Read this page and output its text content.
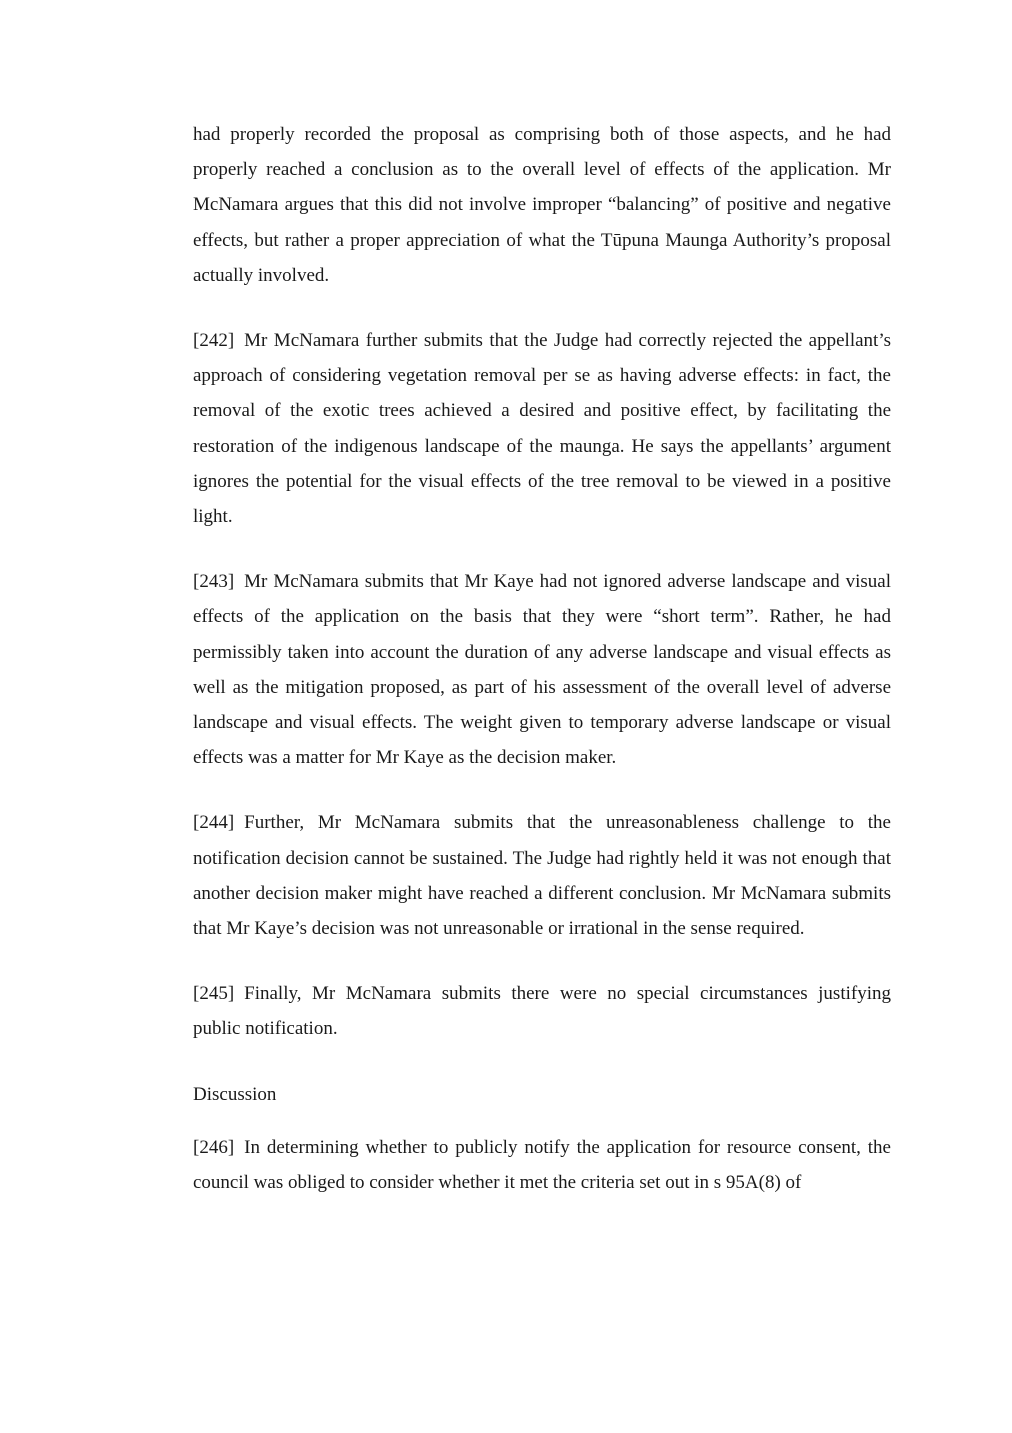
had properly recorded the proposal as comprising both of those aspects, and he had properly reached a conclusion as to the overall level of effects of the application. Mr McNamara argues that this did not involve improper “balancing” of positive and negative effects, but rather a proper appreciation of what the Tūpuna Maunga Authority’s proposal actually involved.

[242] Mr McNamara further submits that the Judge had correctly rejected the appellant’s approach of considering vegetation removal per se as having adverse effects: in fact, the removal of the exotic trees achieved a desired and positive effect, by facilitating the restoration of the indigenous landscape of the maunga. He says the appellants’ argument ignores the potential for the visual effects of the tree removal to be viewed in a positive light.

[243] Mr McNamara submits that Mr Kaye had not ignored adverse landscape and visual effects of the application on the basis that they were “short term”. Rather, he had permissibly taken into account the duration of any adverse landscape and visual effects as well as the mitigation proposed, as part of his assessment of the overall level of adverse landscape and visual effects. The weight given to temporary adverse landscape or visual effects was a matter for Mr Kaye as the decision maker.

[244] Further, Mr McNamara submits that the unreasonableness challenge to the notification decision cannot be sustained. The Judge had rightly held it was not enough that another decision maker might have reached a different conclusion. Mr McNamara submits that Mr Kaye’s decision was not unreasonable or irrational in the sense required.

[245] Finally, Mr McNamara submits there were no special circumstances justifying public notification.

Discussion

[246] In determining whether to publicly notify the application for resource consent, the council was obliged to consider whether it met the criteria set out in s 95A(8) of
